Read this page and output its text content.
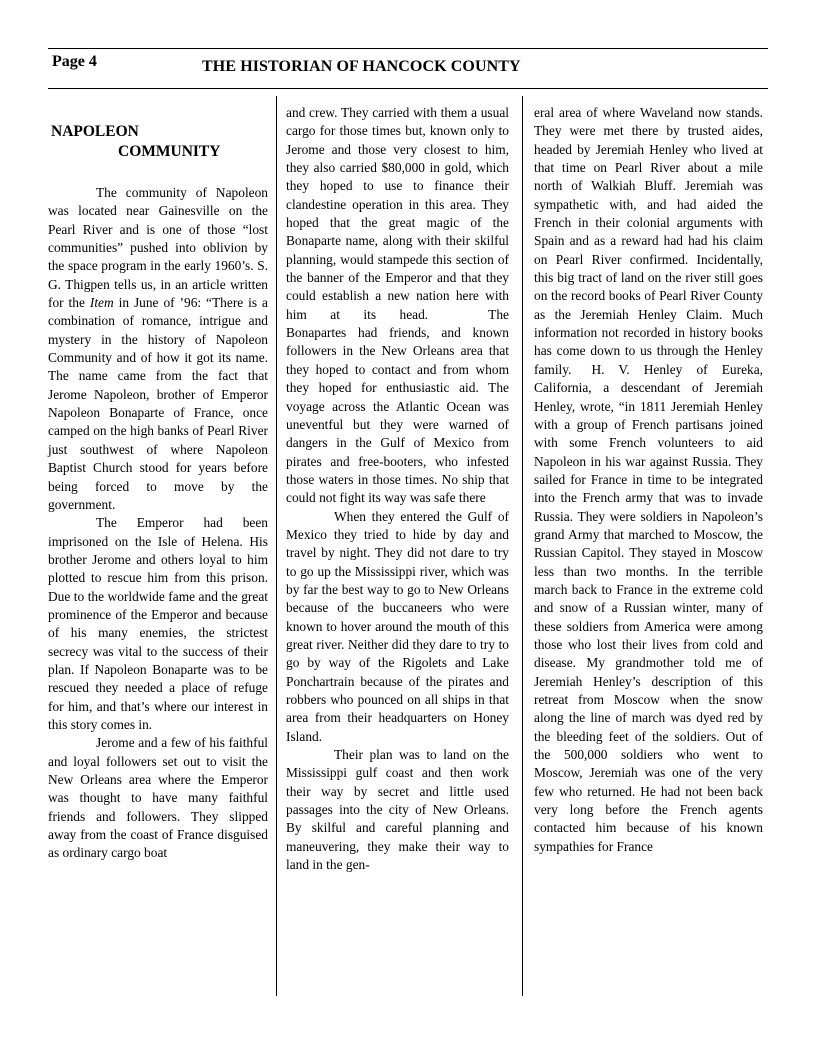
Page 4	THE HISTORIAN OF HANCOCK COUNTY
NAPOLEON
COMMUNITY

The community of Napoleon was located near Gainesville on the Pearl River and is one of those “lost communities” pushed into oblivion by the space program in the early 1960’s. S. G. Thigpen tells us, in an article written for the Item in June of ’96: “There is a combination of romance, intrigue and mystery in the history of Napoleon Community and of how it got its name. The name came from the fact that Jerome Napoleon, brother of Emperor Napoleon Bonaparte of France, once camped on the high banks of Pearl River just southwest of where Napoleon Baptist Church stood for years before being forced to move by the government.

The Emperor had been imprisoned on the Isle of Helena. His brother Jerome and others loyal to him plotted to rescue him from this prison. Due to the worldwide fame and the great prominence of the Emperor and because of his many enemies, the strictest secrecy was vital to the success of their plan. If Napoleon Bonaparte was to be rescued they needed a place of refuge for him, and that’s where our interest in this story comes in.

Jerome and a few of his faithful and loyal followers set out to visit the New Orleans area where the Emperor was thought to have many faithful friends and followers. They slipped away from the coast of France disguised as ordinary cargo boat

and crew. They carried with them a usual cargo for those times but, known only to Jerome and those very closest to him, they also carried $80,000 in gold, which they hoped to use to finance their clandestine operation in this area. They hoped that the great magic of the Bonaparte name, along with their skilful planning, would stampede this section of the banner of the Emperor and that they could establish a new nation here with him at its head.	The Bonapartes had friends, and known followers in the New Orleans area that they hoped to contact and from whom they hoped for enthusiastic aid. The voyage across the Atlantic Ocean was uneventful but they were warned of dangers in the Gulf of Mexico from pirates and free-booters, who infested those waters in those times. No ship that could not fight its way was safe there

When they entered the Gulf of Mexico they tried to hide by day and travel by night. They did not dare to try to go up the Mississippi river, which was by far the best way to go to New Orleans because of the buccaneers who were known to hover around the mouth of this great river. Neither did they dare to try to go by way of the Rigolets and Lake Ponchartrain because of the pirates and robbers who pounced on all ships in that area from their headquarters on Honey Island.

Their plan was to land on the Mississippi gulf coast and then work their way by secret and little used passages into the city of New Orleans. By skilful and careful planning and maneuvering, they make their way to land in the gen-

eral area of where Waveland now stands. They were met there by trusted aides, headed by Jeremiah Henley who lived at that time on Pearl River about a mile north of Walkiah Bluff. Jeremiah was sympathetic with, and had aided the French in their colonial arguments with Spain and as a reward had had his claim on Pearl River confirmed. Incidentally, this big tract of land on the river still goes on the record books of Pearl River County as the Jeremiah Henley Claim. Much information not recorded in history books has come down to us through the Henley family. H. V. Henley of Eureka, California, a descendant of Jeremiah Henley, wrote, “in 1811 Jeremiah Henley with a group of French partisans joined with some French volunteers to aid Napoleon in his war against Russia. They sailed for France in time to be integrated into the French army that was to invade Russia. They were soldiers in Napoleon’s grand Army that marched to Moscow, the Russian Capitol. They stayed in Moscow less than two months. In the terrible march back to France in the extreme cold and snow of a Russian winter, many of these soldiers from America were among those who lost their lives from cold and disease. My grandmother told me of Jeremiah Henley’s description of this retreat from Moscow when the snow along the line of march was dyed red by the bleeding feet of the soldiers. Out of the 500,000 soldiers who went to Moscow, Jeremiah was one of the very few who returned. He had not been back very long before the French agents contacted him because of his known sympathies for France
